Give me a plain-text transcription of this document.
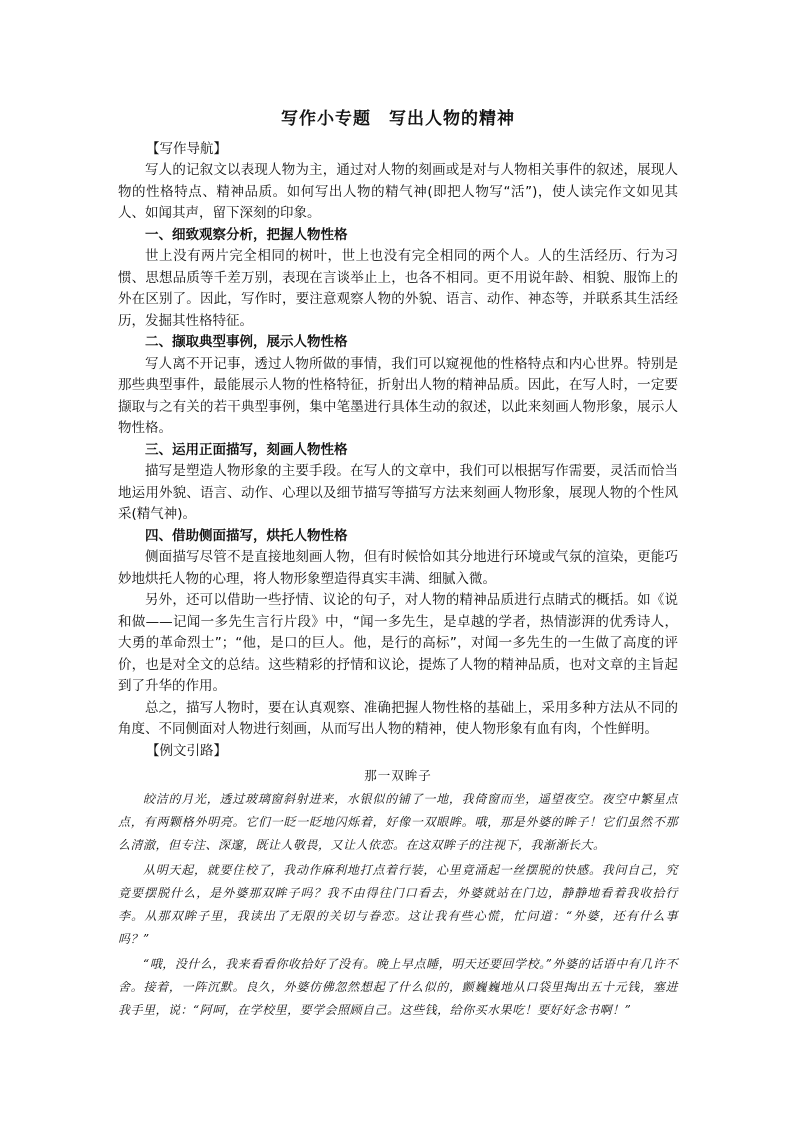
写作小专题　写出人物的精神
【写作导航】

写人的记叙文以表现人物为主，通过对人物的刻画或是对与人物相关事件的叙述，展现人物的性格特点、精神品质。如何写出人物的精气神(即把人物写“活”)，使人读完作文如见其人、如闻其声，留下深刻的印象。

一、细致观察分析，把握人物性格

世上没有两片完全相同的树叶，世上也没有完全相同的两个人。人的生活经历、行为习惯、思想品质等千差万别，表现在言谈举止上，也各不相同。更不用说年龄、相貌、服饰上的外在区别了。因此，写作时，要注意观察人物的外貌、语言、动作、神态等，并联系其生活经历，发掘其性格特征。

二、撷取典型事例，展示人物性格

写人离不开记事，透过人物所做的事情，我们可以窥视他的性格特点和内心世界。特别是那些典型事件，最能展示人物的性格特征，折射出人物的精神品质。因此，在写人时，一定要撷取与之有关的若干典型事例，集中笔墨进行具体生动的叙述，以此来刻画人物形象，展示人物性格。

三、运用正面描写，刻画人物性格

描写是塑造人物形象的主要手段。在写人的文章中，我们可以根据写作需要，灵活而恰当地运用外貌、语言、动作、心理以及细节描写等描写方法来刻画人物形象，展现人物的个性风采(精气神)。

四、借助侧面描写，烘托人物性格

侧面描写尽管不是直接地刻画人物，但有时候恰如其分地进行环境或气氛的渲染，更能巧妙地烘托人物的心理，将人物形象塑造得真实丰满、细腻入微。

另外，还可以借助一些抒情、议论的句子，对人物的精神品质进行点睛式的概括。如《说和做——记闻一多先生言行片段》中，“闻一多先生，是卓越的学者，热情澎湃的优秀诗人，大勇的革命烈士”；“他，是口的巨人。他，是行的高标”，对闻一多先生的一生做了高度的评价，也是对全文的总结。这些精彩的抒情和议论，提炼了人物的精神品质，也对文章的主旨起到了升华的作用。

总之，描写人物时，要在认真观察、准确把握人物性格的基础上，采用多种方法从不同的角度、不同侧面对人物进行刻画，从而写出人物的精神，使人物形象有血有肉，个性鲜明。

【例文引路】
那一双眸子

皎洁的月光，透过玻璃窗斜射进来，水银似的铺了一地，我倚窗而坐，遥望夜空。夜空中繁星点点，有两颗格外明亮。它们一眨一眨地闪烁着，好像一双眼眸。哦，那是外婆的眸子！它们虽然不那么清澈，但专注、深邃，既让人敬畏，又让人依恋。在这双眸子的注视下，我渐渐长大。

从明天起，就要住校了，我动作麻利地打点着行装，心里竟涌起一丝摆脱的快感。我问自己，究竟要摆脱什么，是外婆那双眸子吗？我不由得往门口看去，外婆就站在门边，静静地看着我收拾行李。从那双眸子里，我读出了无限的关切与眷恋。这让我有些心慌，忙问道：“外婆，还有什么事吗？”

“哦，没什么，我来看看你收拾好了没有。晚上早点睡，明天还要回学校。”外婆的话语中有几许不舍。接着，一阵沉默。良久，外婆仿佛忽然想起了什么似的，颤巍巍地从口袋里掏出五十元钱，塞进我手里，说：“阿呵，在学校里，要学会照顾自己。这些钱，给你买水果吃！要好好念书啊！”
